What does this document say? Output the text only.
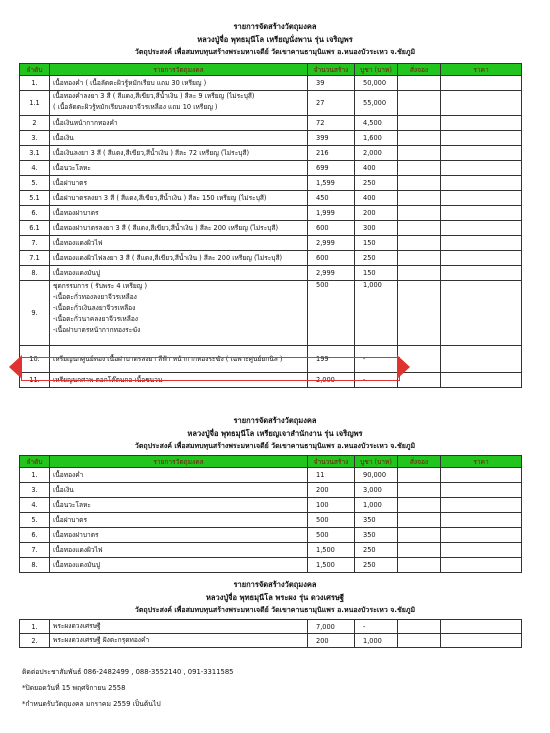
รายการจัดสร้างวัตถุมงคล
หลวงปู่จื่อ พุทธมุนีโล เหรียญนั่งพาน รุ่น เจริญพร
วัตถุประสงค์ เพื่อสมทบทุนสร้างพระมหาเจดีย์ วัดเขาคานธามุนิแพร อ.หนองบัวระเหว จ.ชัยภูมิ
ลำดับ	รายการวัตถุมงคล	จำนวนสร้าง	บูชา (บาท)	สั่งจอง	ราคา
1.	เนื้อทองคำ ( เนื้อลัดตะผิวรู้หมักเรียบ แถม 30 เหรียญ )	39	50,000		
1.1	เนื้อทองคำลงยา 3 สี ( สีแดง,สีเขียว,สีน้ำเงิน ) สีละ 9 เหรียญ (ไม่ระบุสี)
( เนื้อลัดตะผิวรู้หมักเรียบลงยาจีวรเหลือง แถม 10 เหรียญ )	27	55,000		
2	เนื้อเงินหน้ากากทองคำ	72	4,500		
3.	เนื้อเงิน	399	1,600		
3.1	เนื้อเงินลงยา 3 สี ( สีแดง,สีเขียว,สีน้ำเงิน ) สีละ 72 เหรียญ (ไม่ระบุสี)	216	2,000		
4.	เนื้อนวะโลหะ	699	400		
5.	เนื้อฝาบาตร	1,599	250		
5.1	เนื้อฝาบาตรลงยา 3 สี ( สีแดง,สีเขียว,สีน้ำเงิน ) สีละ 150 เหรียญ (ไม่ระบุสี)	450	400		
6.	เนื้อทองฝาบาตร	1,999	200		
6.1	เนื้อทองฝาบาตรลงยา 3 สี ( สีแดง,สีเขียว,สีน้ำเงิน ) สีละ 200 เหรียญ (ไม่ระบุสี)	600	300		
7.	เนื้อทองแดงผิวไฟ	2,999	150		
7.1	เนื้อทองแดงผิวไฟลงยา 3 สี ( สีแดง,สีเขียว,สีน้ำเงิน ) สีละ 200 เหรียญ (ไม่ระบุสี)	600	250		
8.	เนื้อทองแดงมันปู	2,999	150		
9.	ชุดกรรมการ ( รับพระ 4 เหรียญ )
-เนื้อตะกั่วทองลงยาจีวรเหลือง
-เนื้อตะกั่วเงินลงยาจีวรเหลือง
-เนื้อตะกั่วนาคลงยาจีวรเหลือง
-เนื้อฝาบาตรหน้ากากทองระฆัง	500	1,000		
10.	เหรียญนกศูนย์ทอง เนื้อฝาบาตรลงยา สีฟ้า หน้ากากทองระฆัง ( เฉพาะศูนย์ยกนิล )	199	-		
11.	เหรียญนกศาพ ตอกโค๊ตนกอ เนื้อชนวน	2,000	-		
รายการจัดสร้างวัตถุมงคล
หลวงปู่จื่อ พุทธมุนีโล เหรียญเจาสำนักงาน รุ่น เจริญพร
วัตถุประสงค์ เพื่อสมทบทุนสร้างพระมหาเจดีย์ วัดเขาคานธามุนิแพร อ.หนองบัวระเหว จ.ชัยภูมิ
ลำดับ	รายการวัตถุมงคล	จำนวนสร้าง	บูชา (บาท)	สั่งจอง	ราคา
1.	เนื้อทองคำ	11	90,000		
3.	เนื้อเงิน	200	3,000		
4.	เนื้อนวะโลหะ	100	1,000		
5.	เนื้อฝาบาตร	500	350		
6.	เนื้อทองฝาบาตร	500	350		
7.	เนื้อทองแดงผิวไฟ	1,500	250		
8.	เนื้อทองแดงมันปู	1,500	250		
รายการจัดสร้างวัตถุมงคล
หลวงปู่จื่อ พุทธมุนีโล พระผง รุ่น ดวงเศรษฐี
วัตถุประสงค์ เพื่อสมทบทุนสร้างพระมหาเจดีย์ วัดเขาคานธามุนิแพร อ.หนองบัวระเหว จ.ชัยภูมิ
1.	พระผงดวงเศรษฐี	7,000	-		
2.	พระผงดวงเศรษฐี ฝังตะกรุดทองคำ	200	1,000		
ติดต่อประชาสัมพันธ์ 086-2482499 , 088-3552140 , 091-3311585
*ปิดยอดวันที่ 15 พฤศจิกายน 2558
*กำหนดรับวัตถุมงคล มกราคม 2559 เป็นต้นไป
